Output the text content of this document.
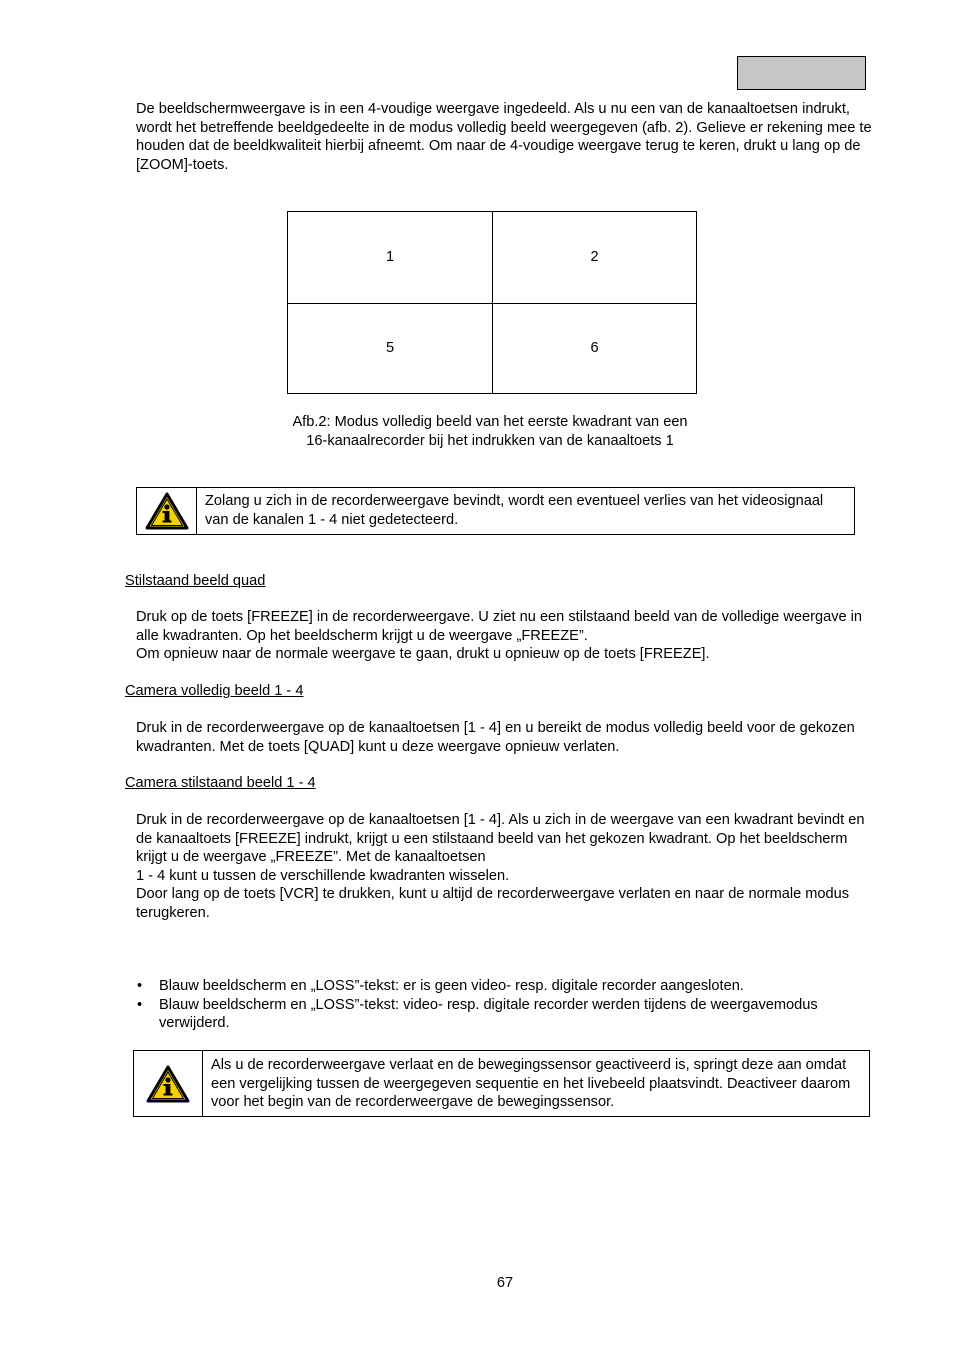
De beeldschermweergave is in een 4-voudige weergave ingedeeld. Als u nu een van de kanaaltoetsen indrukt, wordt het betreffende beeldgedeelte in de modus volledig beeld weergegeven (afb. 2). Gelieve er rekening mee te houden dat de beeldkwaliteit hierbij afneemt. Om naar de 4-voudige weergave terug te keren, drukt u lang op de [ZOOM]-toets.

1	2
5	6
Afb.2: Modus volledig beeld van het eerste kwadrant van een
16-kanaalrecorder bij het indrukken van de kanaaltoets 1
Zolang u zich in de recorderweergave bevindt, wordt een eventueel verlies van het videosignaal van de kanalen 1 - 4 niet gedetecteerd.
Stilstaand beeld quad

Druk op de toets [FREEZE] in de recorderweergave. U ziet nu een stilstaand beeld van de volledige weergave in alle kwadranten. Op het beeldscherm krijgt u de weergave „FREEZE”.

Om opnieuw naar de normale weergave te gaan, drukt u opnieuw op de toets [FREEZE].

Camera volledig beeld 1 - 4

Druk in de recorderweergave op de kanaaltoetsen [1 - 4] en u bereikt de modus volledig beeld voor de gekozen kwadranten. Met de toets [QUAD] kunt u deze weergave opnieuw verlaten.

Camera stilstaand beeld 1 - 4

Druk in de recorderweergave op de kanaaltoetsen [1 - 4]. Als u zich in de weergave van een kwadrant bevindt en de kanaaltoets [FREEZE] indrukt, krijgt u een stilstaand beeld van het gekozen kwadrant. Op het beeldscherm krijgt u de weergave „FREEZE”. Met de kanaaltoetsen

1 - 4 kunt u tussen de verschillende kwadranten wisselen.

Door lang op de toets [VCR] te drukken, kunt u altijd de recorderweergave verlaten en naar de normale modus terugkeren.

• Blauw beeldscherm en „LOSS”-tekst: er is geen video- resp. digitale recorder aangesloten.
• Blauw beeldscherm en „LOSS”-tekst: video- resp. digitale recorder werden tijdens de weergavemodus verwijderd.
Als u de recorderweergave verlaat en de bewegingssensor geactiveerd is, springt deze aan omdat een vergelijking tussen de weergegeven sequentie en het livebeeld plaatsvindt. Deactiveer daarom voor het begin van de recorderweergave de bewegingssensor.
67
